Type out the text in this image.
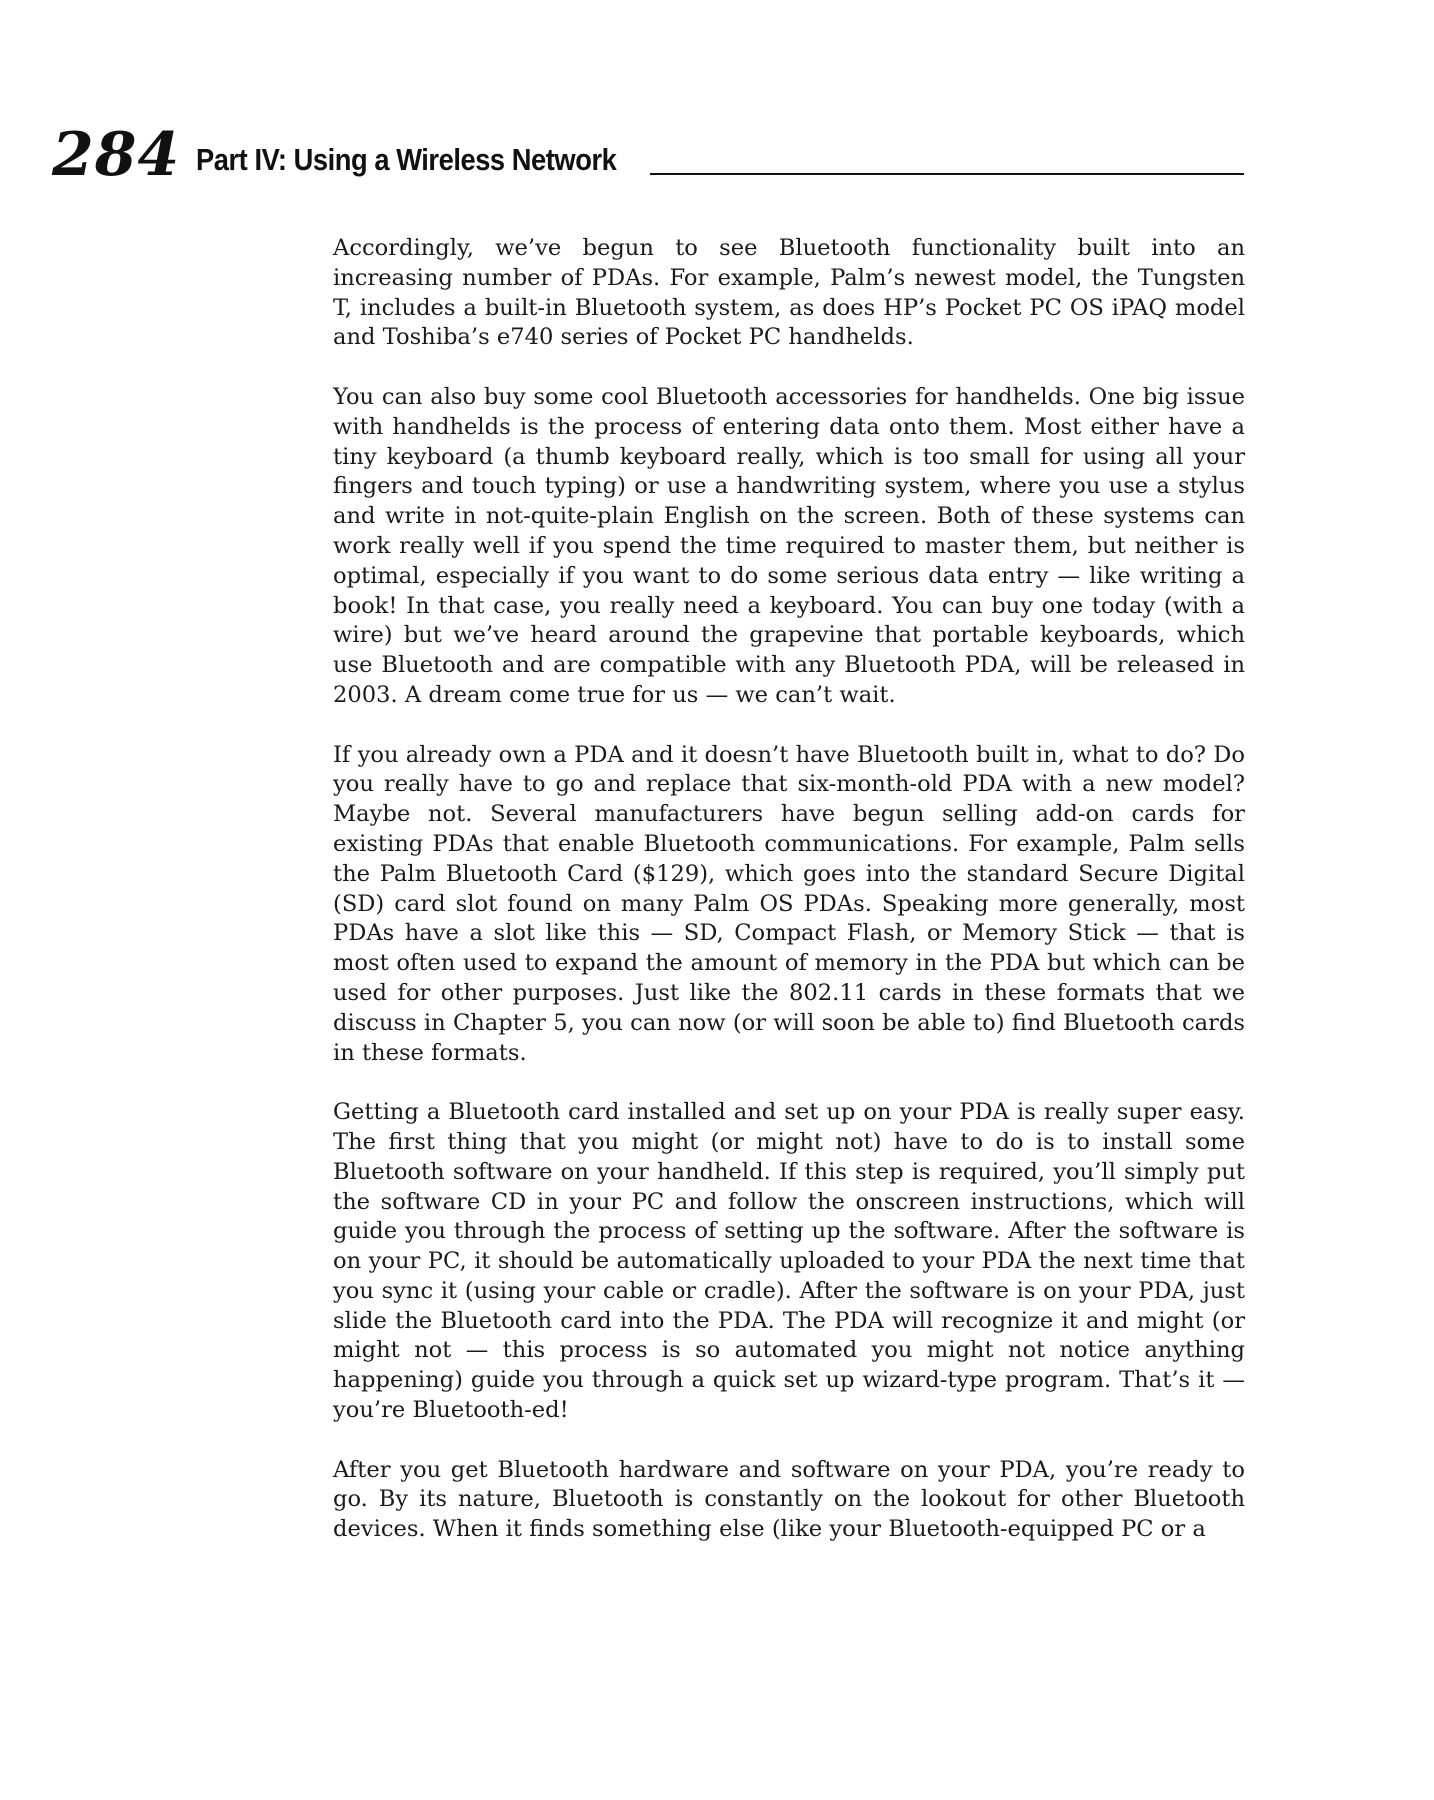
284 Part IV: Using a Wireless Network

Accordingly, we’ve begun to see Bluetooth functionality built into an increasing number of PDAs. For example, Palm’s newest model, the Tungsten T, includes a built-in Bluetooth system, as does HP’s Pocket PC OS iPAQ model and Toshiba’s e740 series of Pocket PC handhelds.

You can also buy some cool Bluetooth accessories for handhelds. One big issue with handhelds is the process of entering data onto them. Most either have a tiny keyboard (a thumb keyboard really, which is too small for using all your fingers and touch typing) or use a handwriting system, where you use a stylus and write in not-quite-plain English on the screen. Both of these systems can work really well if you spend the time required to master them, but neither is optimal, especially if you want to do some serious data entry — like writing a book! In that case, you really need a keyboard. You can buy one today (with a wire) but we’ve heard around the grapevine that portable keyboards, which use Bluetooth and are compatible with any Bluetooth PDA, will be released in 2003. A dream come true for us — we can’t wait.

If you already own a PDA and it doesn’t have Bluetooth built in, what to do? Do you really have to go and replace that six-month-old PDA with a new model? Maybe not. Several manufacturers have begun selling add-on cards for existing PDAs that enable Bluetooth communications. For example, Palm sells the Palm Bluetooth Card ($129), which goes into the standard Secure Digital (SD) card slot found on many Palm OS PDAs. Speaking more generally, most PDAs have a slot like this — SD, Compact Flash, or Memory Stick — that is most often used to expand the amount of memory in the PDA but which can be used for other purposes. Just like the 802.11 cards in these formats that we discuss in Chapter 5, you can now (or will soon be able to) find Bluetooth cards in these formats.

Getting a Bluetooth card installed and set up on your PDA is really super easy. The first thing that you might (or might not) have to do is to install some Bluetooth software on your handheld. If this step is required, you’ll simply put the software CD in your PC and follow the onscreen instructions, which will guide you through the process of setting up the software. After the software is on your PC, it should be automatically uploaded to your PDA the next time that you sync it (using your cable or cradle). After the software is on your PDA, just slide the Bluetooth card into the PDA. The PDA will recognize it and might (or might not — this process is so automated you might not notice anything happening) guide you through a quick set up wizard-type program. That’s it — you’re Bluetooth-ed!

After you get Bluetooth hardware and software on your PDA, you’re ready to go. By its nature, Bluetooth is constantly on the lookout for other Bluetooth devices. When it finds something else (like your Bluetooth-equipped PC or a
